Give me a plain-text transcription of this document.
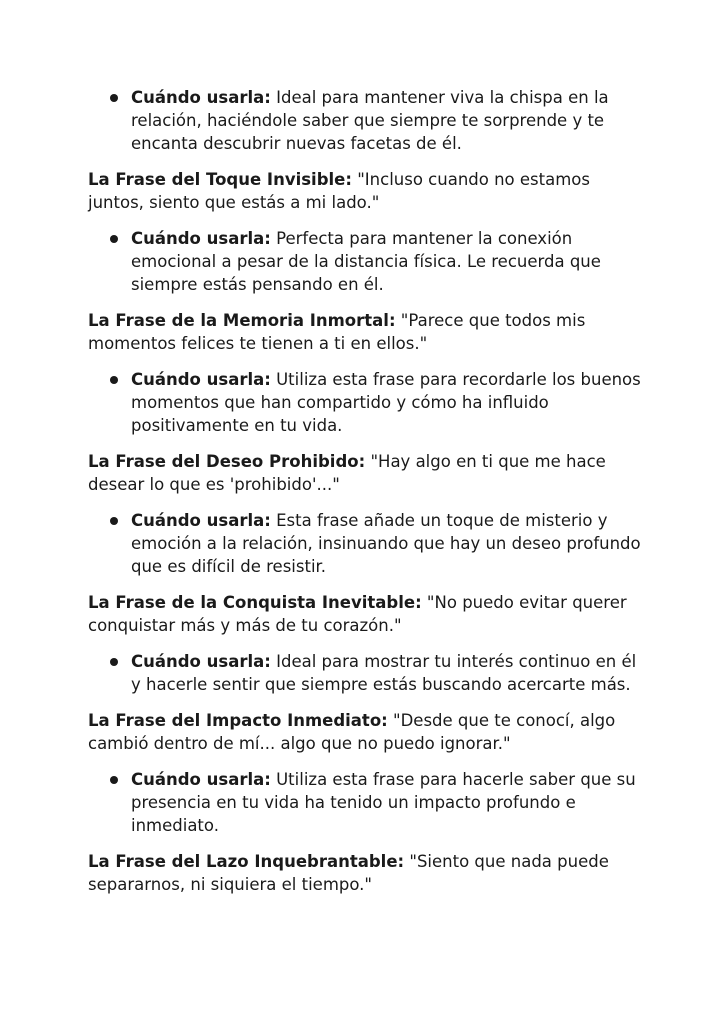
Cuándo usarla: Ideal para mantener viva la chispa en la relación, haciéndole saber que siempre te sorprende y te encanta descubrir nuevas facetas de él.

La Frase del Toque Invisible: "Incluso cuando no estamos juntos, siento que estás a mi lado."

Cuándo usarla: Perfecta para mantener la conexión emocional a pesar de la distancia física. Le recuerda que siempre estás pensando en él.

La Frase de la Memoria Inmortal: "Parece que todos mis momentos felices te tienen a ti en ellos."

Cuándo usarla: Utiliza esta frase para recordarle los buenos momentos que han compartido y cómo ha influido positivamente en tu vida.

La Frase del Deseo Prohibido: "Hay algo en ti que me hace desear lo que es 'prohibido'..."

Cuándo usarla: Esta frase añade un toque de misterio y emoción a la relación, insinuando que hay un deseo profundo que es difícil de resistir.

La Frase de la Conquista Inevitable: "No puedo evitar querer conquistar más y más de tu corazón."

Cuándo usarla: Ideal para mostrar tu interés continuo en él y hacerle sentir que siempre estás buscando acercarte más.

La Frase del Impacto Inmediato: "Desde que te conocí, algo cambió dentro de mí... algo que no puedo ignorar."

Cuándo usarla: Utiliza esta frase para hacerle saber que su presencia en tu vida ha tenido un impacto profundo e inmediato.

La Frase del Lazo Inquebrantable: "Siento que nada puede separarnos, ni siquiera el tiempo."
